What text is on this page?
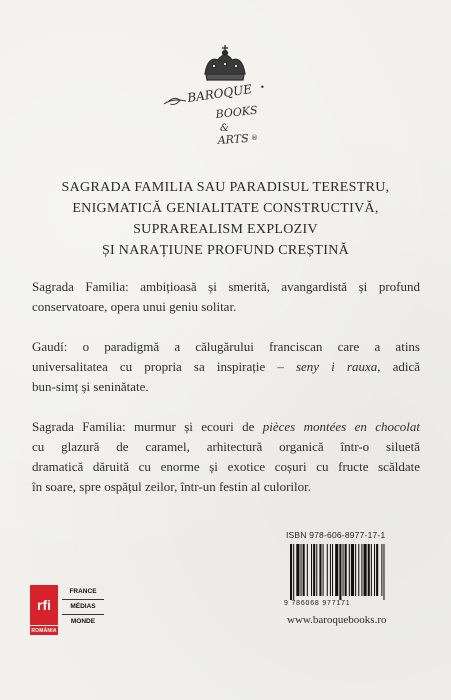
BAROQUE •
BOOKS
&
ARTS ®
SAGRADA FAMILIA SAU PARADISUL TERESTRU,
ENIGMATICĂ GENIALITATE CONSTRUCTIVĂ,
SUPRAREALISM EXPLOZIV
ȘI NARAȚIUNE PROFUND CREȘTINĂ
Sagrada Familia: ambițioasă și smerită, avangardistă și profund
conservatoare, opera unui geniu solitar.
Gaudí: o paradigmă a călugărului franciscan care a atins
universalitatea cu propria sa inspirație – seny i rauxa, adică
bun-simț și seninătate.
Sagrada Familia: murmur și ecouri de pièces montées en chocolat
cu glazură de caramel, arhitectură organică într-o siluetă
dramatică dăruită cu enorme și exotice coșuri cu fructe scăldate
în soare, spre ospățul zeilor, într-un festin al culorilor.
ISBN 978-606-8977-17-1
9 786068 977171
www.baroquebooks.ro
rfi
ROMÂNIA
FRANCE
MÉDIAS
MONDE
